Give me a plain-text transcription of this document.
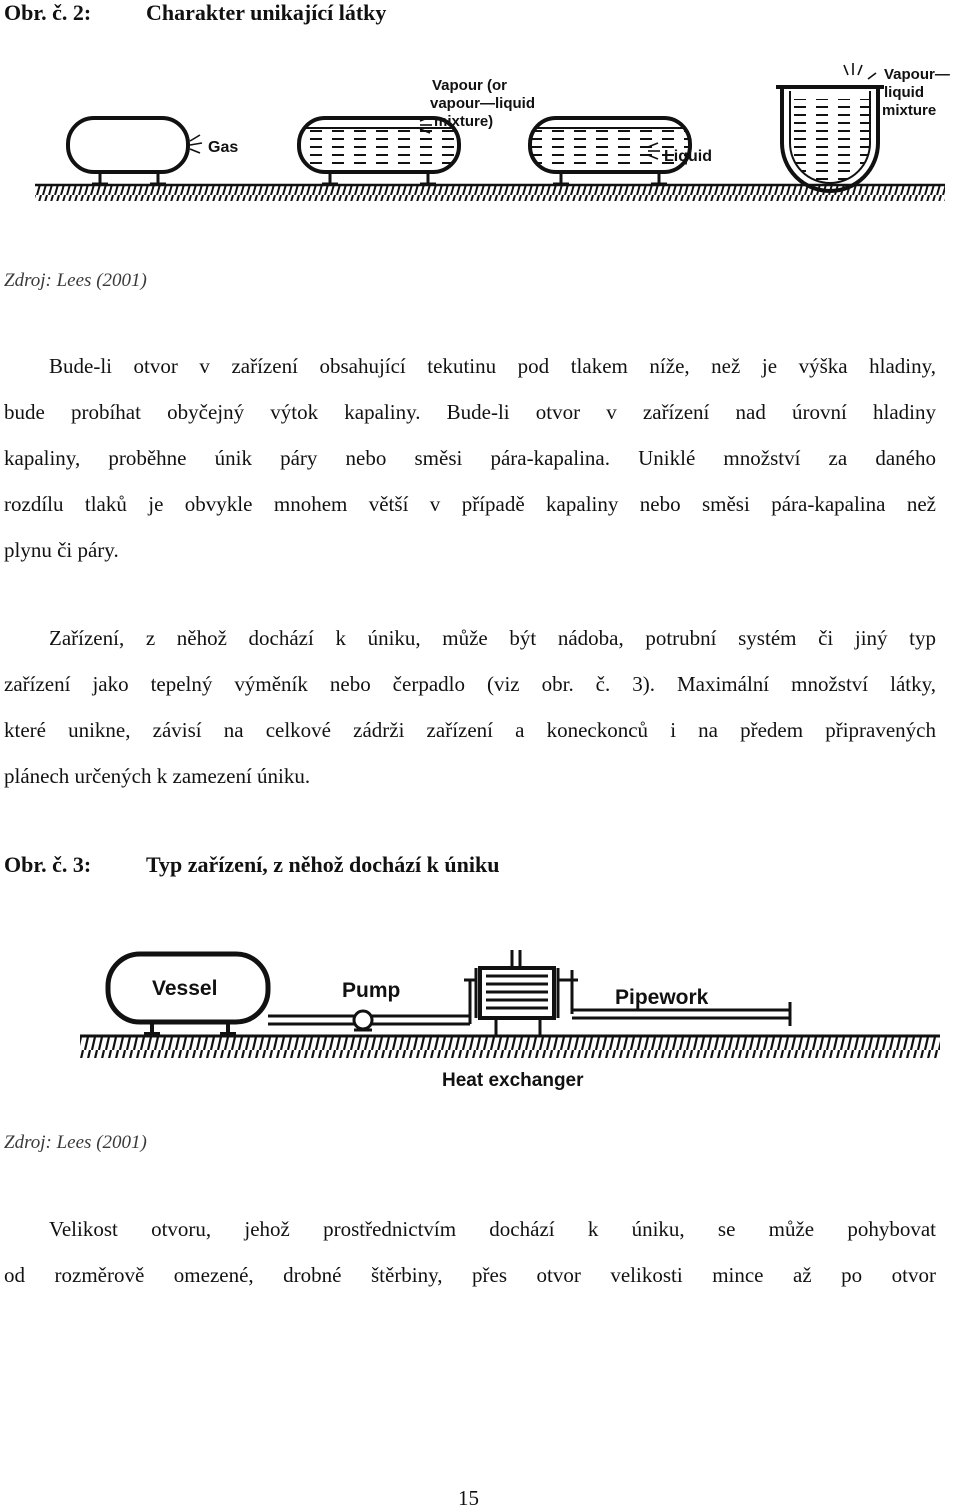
Obr. č. 2: Charakter unikající látky
Gas
Vapour (or
vapour—liquid
mixture)
Liquid
Vapour—
liquid
mixture
Zdroj: Lees (2001)
Bude-li otvor v zařízení obsahující tekutinu pod tlakem níže, než je výška hladiny,
bude probíhat obyčejný výtok kapaliny. Bude-li otvor v zařízení nad úrovní hladiny
kapaliny, proběhne únik páry nebo směsi pára-kapalina. Uniklé množství za daného
rozdílu tlaků je obvykle mnohem větší v případě kapaliny nebo směsi pára-kapalina než
plynu či páry.
Zařízení, z něhož dochází k úniku, může být nádoba, potrubní systém či jiný typ
zařízení jako tepelný výměník nebo čerpadlo (viz obr. č. 3). Maximální množství látky,
které unikne, závisí na celkové zádrži zařízení a koneckonců i na předem připravených
plánech určených k zamezení úniku.
Obr. č. 3: Typ zařízení, z něhož dochází k úniku
Vessel	Pump	Pipework
Heat exchanger
Zdroj: Lees (2001)
Velikost otvoru, jehož prostřednictvím dochází k úniku, se může pohybovat
od rozměrově omezené, drobné štěrbiny, přes otvor velikosti mince až po otvor
15
